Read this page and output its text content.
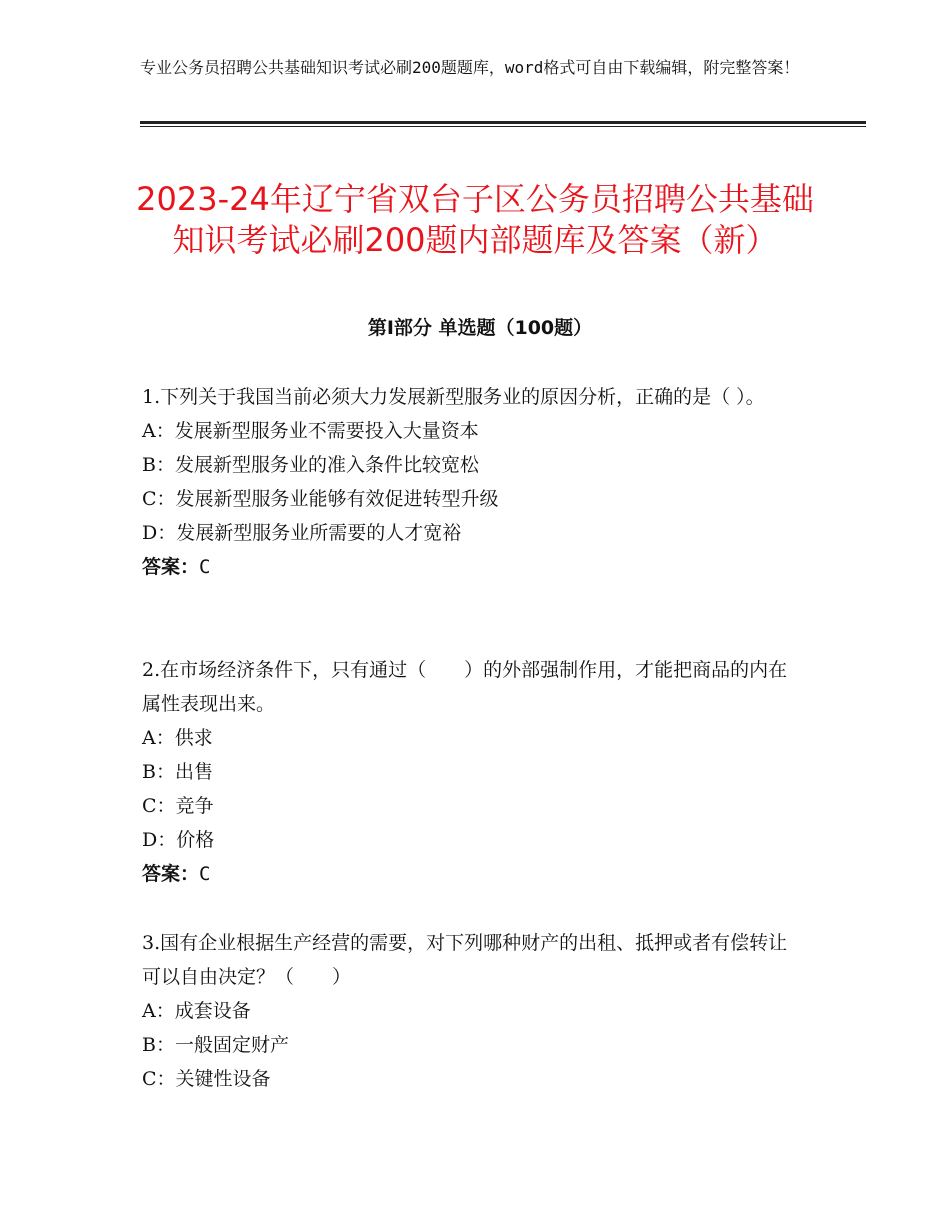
专业公务员招聘公共基础知识考试必刷200题题库，word格式可自由下载编辑，附完整答案！
2023-24年辽宁省双台子区公务员招聘公共基础知识考试必刷200题内部题库及答案（新）
第Ⅰ部分 单选题（100题）

1.下列关于我国当前必须大力发展新型服务业的原因分析，正确的是（ ）。

A：发展新型服务业不需要投入大量资本

B：发展新型服务业的准入条件比较宽松

C：发展新型服务业能够有效促进转型升级

D：发展新型服务业所需要的人才宽裕

答案：C

2.在市场经济条件下，只有通过（　　）的外部强制作用，才能把商品的内在属性表现出来。

A：供求

B：出售

C：竞争

D：价格

答案：C

3.国有企业根据生产经营的需要，对下列哪种财产的出租、抵押或者有偿转让可以自由决定？（　　）

A：成套设备

B：一般固定财产

C：关键性设备
